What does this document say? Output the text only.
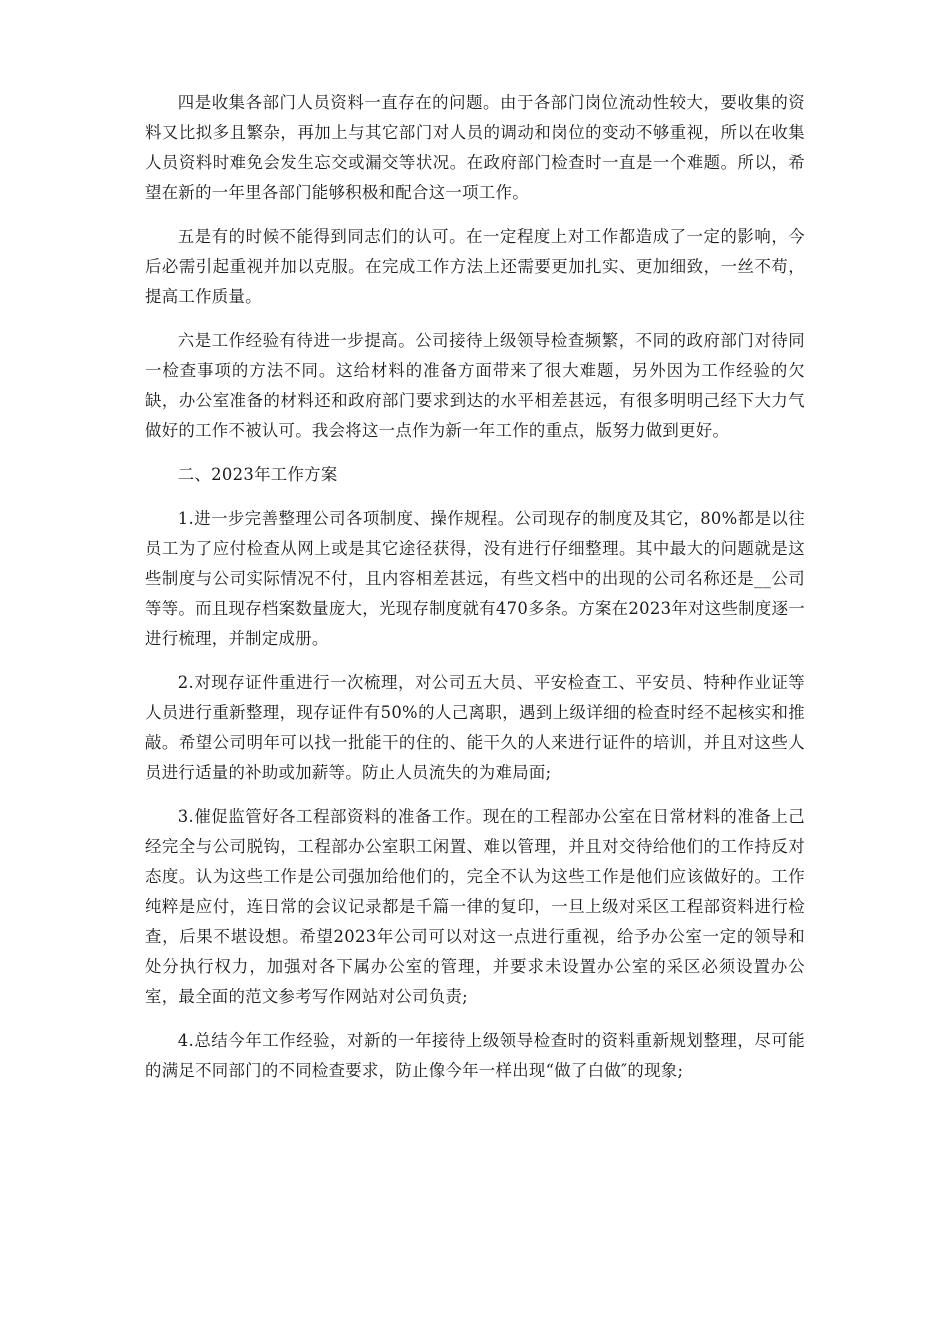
四是收集各部门人员资料一直存在的问题。由于各部门岗位流动性较大，要收集的资料又比拟多且繁杂，再加上与其它部门对人员的调动和岗位的变动不够重视，所以在收集人员资料时难免会发生忘交或漏交等状况。在政府部门检查时一直是一个难题。所以，希望在新的一年里各部门能够积极和配合这一项工作。

五是有的时候不能得到同志们的认可。在一定程度上对工作都造成了一定的影响，今后必需引起重视并加以克服。在完成工作方法上还需要更加扎实、更加细致，一丝不苟，提高工作质量。

六是工作经验有待进一步提高。公司接待上级领导检查频繁，不同的政府部门对待同一检查事项的方法不同。这给材料的准备方面带来了很大难题，另外因为工作经验的欠缺，办公室准备的材料还和政府部门要求到达的水平相差甚远，有很多明明己经下大力气做好的工作不被认可。我会将这一点作为新一年工作的重点，版努力做到更好。

二、2023年工作方案

1.进一步完善整理公司各项制度、操作规程。公司现存的制度及其它，80%都是以往员工为了应付检查从网上或是其它途径获得，没有进行仔细整理。其中最大的问题就是这些制度与公司实际情况不付，且内容相差甚远，有些文档中的出现的公司名称还是__公司等等。而且现存档案数量庞大，光现存制度就有470多条。方案在2023年对这些制度逐一进行梳理，并制定成册。

2.对现存证件重进行一次梳理，对公司五大员、平安检查工、平安员、特种作业证等人员进行重新整理，现存证件有50%的人己离职，遇到上级详细的检查时经不起核实和推敲。希望公司明年可以找一批能干的住的、能干久的人来进行证件的培训，并且对这些人员进行适量的补助或加薪等。防止人员流失的为难局面;

3.催促监管好各工程部资料的准备工作。现在的工程部办公室在日常材料的准备上己经完全与公司脱钩，工程部办公室职工闲置、难以管理，并且对交待给他们的工作持反对态度。认为这些工作是公司强加给他们的，完全不认为这些工作是他们应该做好的。工作纯粹是应付，连日常的会议记录都是千篇一律的复印，一旦上级对采区工程部资料进行检查，后果不堪设想。希望2023年公司可以对这一点进行重视，给予办公室一定的领导和处分执行权力，加强对各下属办公室的管理，并要求未设置办公室的采区必须设置办公室，最全面的范文参考写作网站对公司负责;

4.总结今年工作经验，对新的一年接待上级领导检查时的资料重新规划整理，尽可能的满足不同部门的不同检查要求，防止像今年一样出现“做了白做″的现象;
